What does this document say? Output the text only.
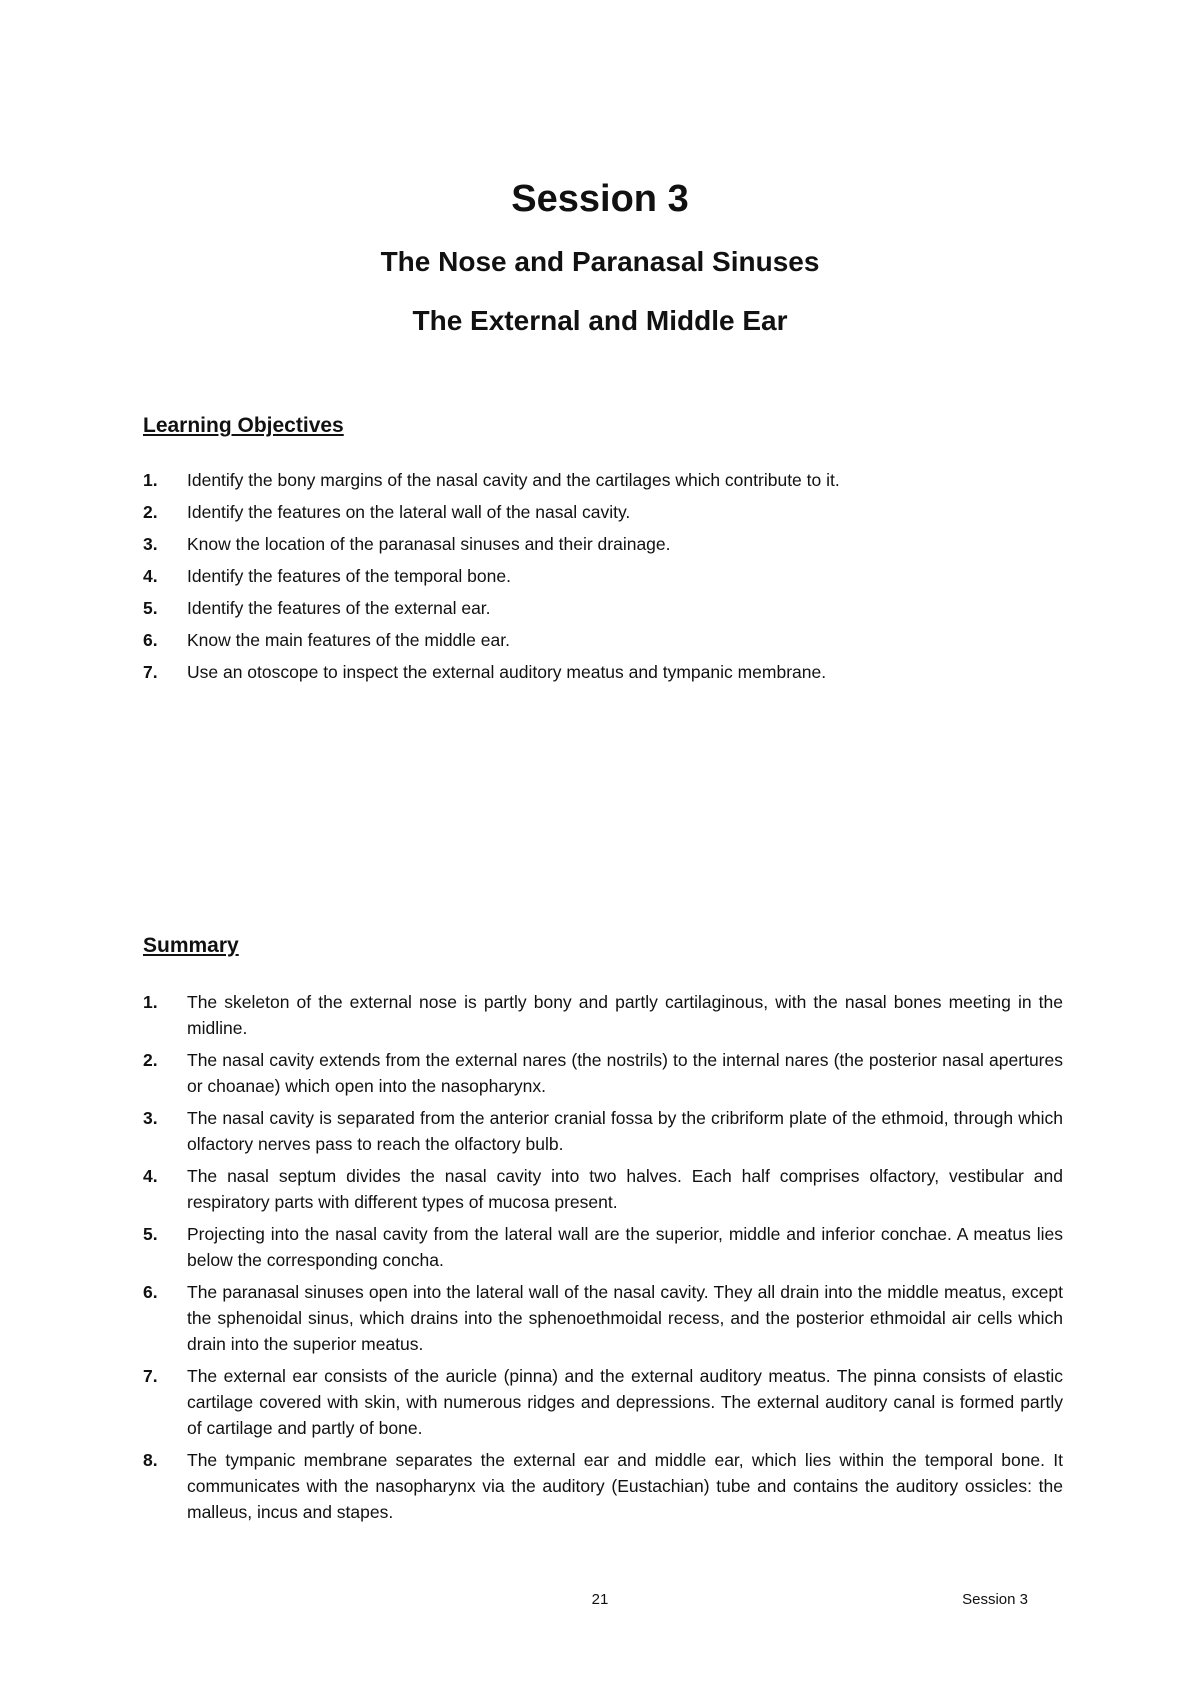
Session 3
The Nose and Paranasal Sinuses
The External and Middle Ear
Learning Objectives
1. Identify the bony margins of the nasal cavity and the cartilages which contribute to it.
2. Identify the features on the lateral wall of the nasal cavity.
3. Know the location of the paranasal sinuses and their drainage.
4. Identify the features of the temporal bone.
5. Identify the features of the external ear.
6. Know the main features of the middle ear.
7. Use an otoscope to inspect the external auditory meatus and tympanic membrane.
Summary
1. The skeleton of the external nose is partly bony and partly cartilaginous, with the nasal bones meeting in the midline.
2. The nasal cavity extends from the external nares (the nostrils) to the internal nares (the posterior nasal apertures or choanae) which open into the nasopharynx.
3. The nasal cavity is separated from the anterior cranial fossa by the cribriform plate of the ethmoid, through which olfactory nerves pass to reach the olfactory bulb.
4. The nasal septum divides the nasal cavity into two halves. Each half comprises olfactory, vestibular and respiratory parts with different types of mucosa present.
5. Projecting into the nasal cavity from the lateral wall are the superior, middle and inferior conchae. A meatus lies below the corresponding concha.
6. The paranasal sinuses open into the lateral wall of the nasal cavity. They all drain into the middle meatus, except the sphenoidal sinus, which drains into the sphenoethmoidal recess, and the posterior ethmoidal air cells which drain into the superior meatus.
7. The external ear consists of the auricle (pinna) and the external auditory meatus. The pinna consists of elastic cartilage covered with skin, with numerous ridges and depressions. The external auditory canal is formed partly of cartilage and partly of bone.
8. The tympanic membrane separates the external ear and middle ear, which lies within the temporal bone. It communicates with the nasopharynx via the auditory (Eustachian) tube and contains the auditory ossicles: the malleus, incus and stapes.
21	Session 3
